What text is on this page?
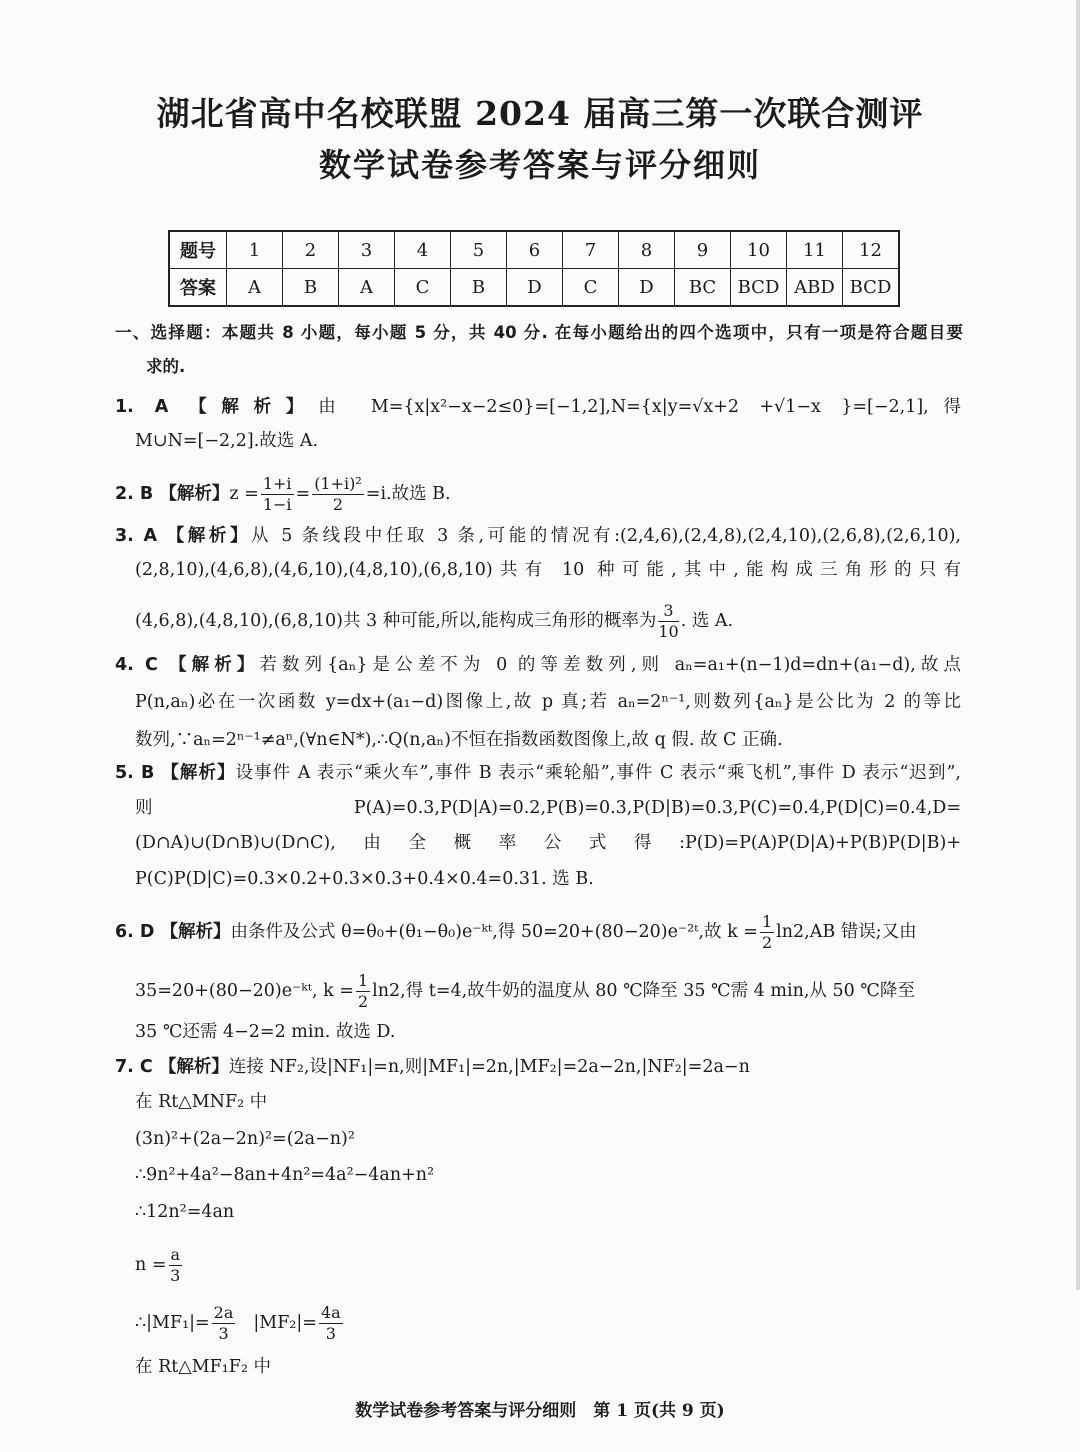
湖北省高中名校联盟 2024 届高三第一次联合测评
数学试卷参考答案与评分细则
题号	1	2	3	4	5	6	7	8	9	10	11	12
答案	A	B	A	C	B	D	C	D	BC	BCD	ABD	BCD
一、选择题：本题共 8 小题，每小题 5 分，共 40 分. 在每小题给出的四个选项中，只有一项是符合题目要
求的.
1. A 【解析】由 M={x|x²−x−2≤0}=[−1,2],N={x|y=√x+2 +√1−x }=[−2,1],得
M∪N=[−2,2].故选 A.
2. B 【解析】$z = \frac{1+i}{1-i} = \frac{\text{(1+i)²}}{2} =i$.故选 B.
3. A 【解析】从 5 条线段中任取 3 条,可能的情况有:(2,4,6),(2,4,8),(2,4,10),(2,6,8),(2,6,10),
(2,8,10),(4,6,8),(4,6,10),(4,8,10),(6,8,10)共有 10 种可能,其中,能构成三角形的只有
(4,6,8),(4,8,10),(6,8,10)共 3 种可能,所以,能构成三角形的概率为 $\frac{3}{10}$ . 选 A.
4. C 【解析】若数列{aₙ}是公差不为 0 的等差数列,则 aₙ=a₁+(n−1)d=dn+(a₁−d),故点
P(n,aₙ)必在一次函数 y=dx+(a₁−d)图像上,故 p 真;若 aₙ=2ⁿ⁻¹,则数列{aₙ}是公比为 2 的等比
数列,∵aₙ=2ⁿ⁻¹≠aⁿ,(∀n∈N*),∴Q(n,aₙ)不恒在指数函数图像上,故 q 假. 故 C 正确.
5. B 【解析】设事件 A 表示“乘火车”,事件 B 表示“乘轮船”,事件 C 表示“乘飞机”,事件 D 表示“迟到”,
则 P(A)=0.3,P(D|A)=0.2,P(B)=0.3,P(D|B)=0.3,P(C)=0.4,P(D|C)=0.4,D=
(D∩A)∪(D∩B)∪(D∩C),由全概率公式得:P(D)=P(A)P(D|A)+P(B)P(D|B)+
P(C)P(D|C)=0.3×0.2+0.3×0.3+0.4×0.4=0.31. 选 B.
6. D 【解析】由条件及公式 θ=θ₀+(θ₁−θ₀)e⁻ᵏᵗ,得 50=20+(80−20)e⁻²ᵗ,故 $k = \frac{1}{2} \ln 2,AB$ 错误;又由
35=20+(80−20)e⁻ᵏᵗ, $k = \frac{1}{2} \ln 2$,得 t=4,故牛奶的温度从 80 ℃降至 35 ℃需 4 min,从 50 ℃降至
35 ℃还需 4−2=2 min. 故选 D.
7. C 【解析】连接 NF₂,设|NF₁|=n,则|MF₁|=2n,|MF₂|=2a−2n,|NF₂|=2a−n
在 Rt△MNF₂ 中
(3n)²+(2a−2n)²=(2a−n)²
∴9n²+4a²−8an+4n²=4a²−4an+n²
∴12n²=4an
$n = \frac{a}{3}$
∴|MF₁|= $\frac{2a}{3} |MF_2|= \frac{4a}{3}$
在 Rt△MF₁F₂ 中
数学试卷参考答案与评分细则　第 1 页(共 9 页)
